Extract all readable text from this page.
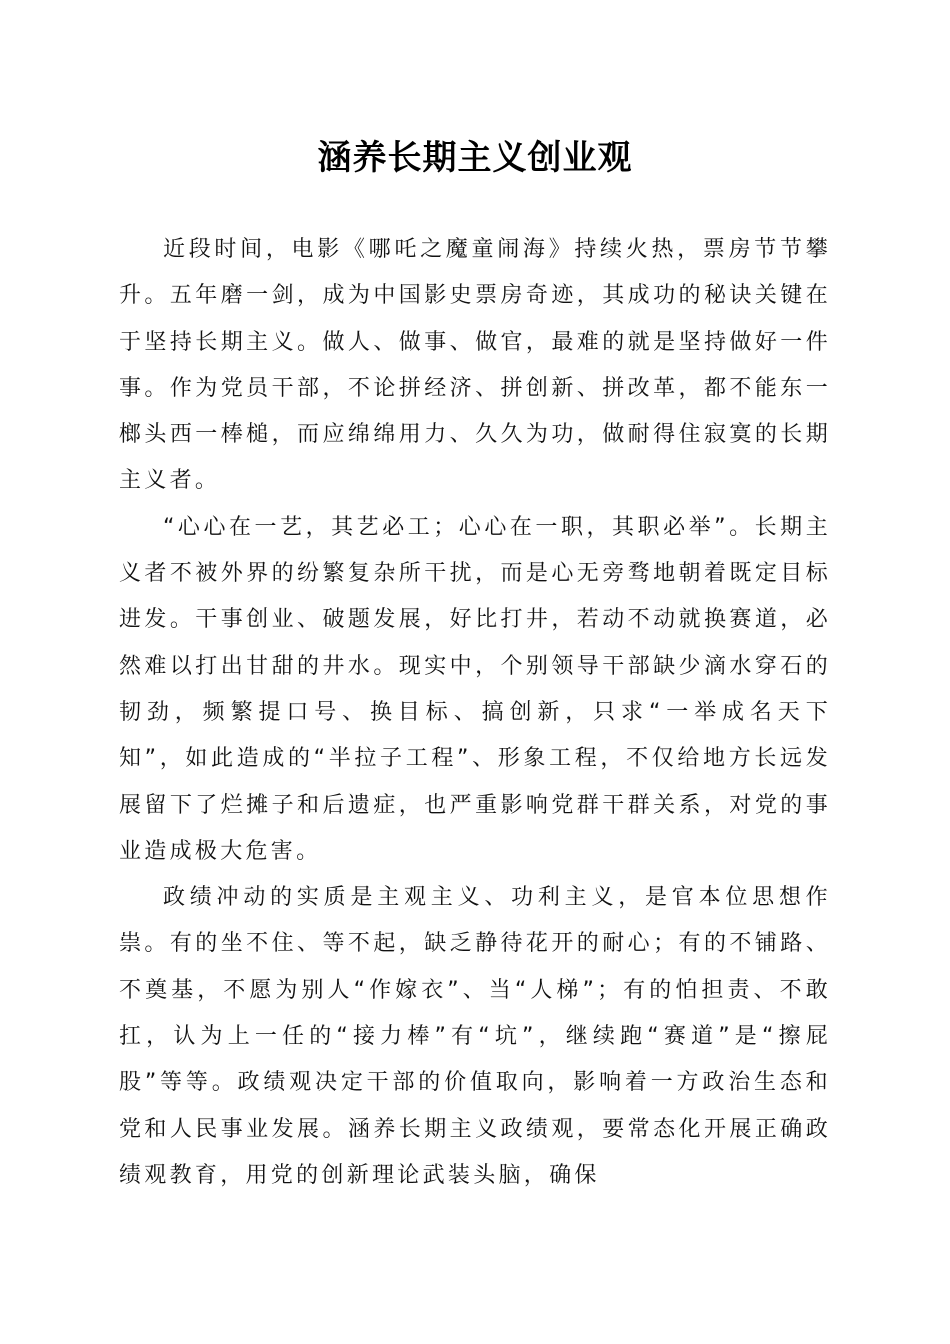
涵养长期主义创业观

近段时间，电影《哪吒之魔童闹海》持续火热，票房节节攀升。五年磨一剑，成为中国影史票房奇迹，其成功的秘诀关键在于坚持长期主义。做人、做事、做官，最难的就是坚持做好一件事。作为党员干部，不论拼经济、拼创新、拼改革，都不能东一榔头西一棒槌，而应绵绵用力、久久为功，做耐得住寂寞的长期主义者。

“心心在一艺，其艺必工；心心在一职，其职必举”。长期主义者不被外界的纷繁复杂所干扰，而是心无旁骛地朝着既定目标进发。干事创业、破题发展，好比打井，若动不动就换赛道，必然难以打出甘甜的井水。现实中，个别领导干部缺少滴水穿石的韧劲，频繁提口号、换目标、搞创新，只求“一举成名天下知”，如此造成的“半拉子工程”、形象工程，不仅给地方长远发展留下了烂摊子和后遗症，也严重影响党群干群关系，对党的事业造成极大危害。

政绩冲动的实质是主观主义、功利主义，是官本位思想作祟。有的坐不住、等不起，缺乏静待花开的耐心；有的不铺路、不奠基，不愿为别人“作嫁衣”、当“人梯”；有的怕担责、不敢扛，认为上一任的“接力棒”有“坑”，继续跑“赛道”是“擦屁股”等等。政绩观决定干部的价值取向，影响着一方政治生态和党和人民事业发展。涵养长期主义政绩观，要常态化开展正确政绩观教育，用党的创新理论武装头脑，确保
